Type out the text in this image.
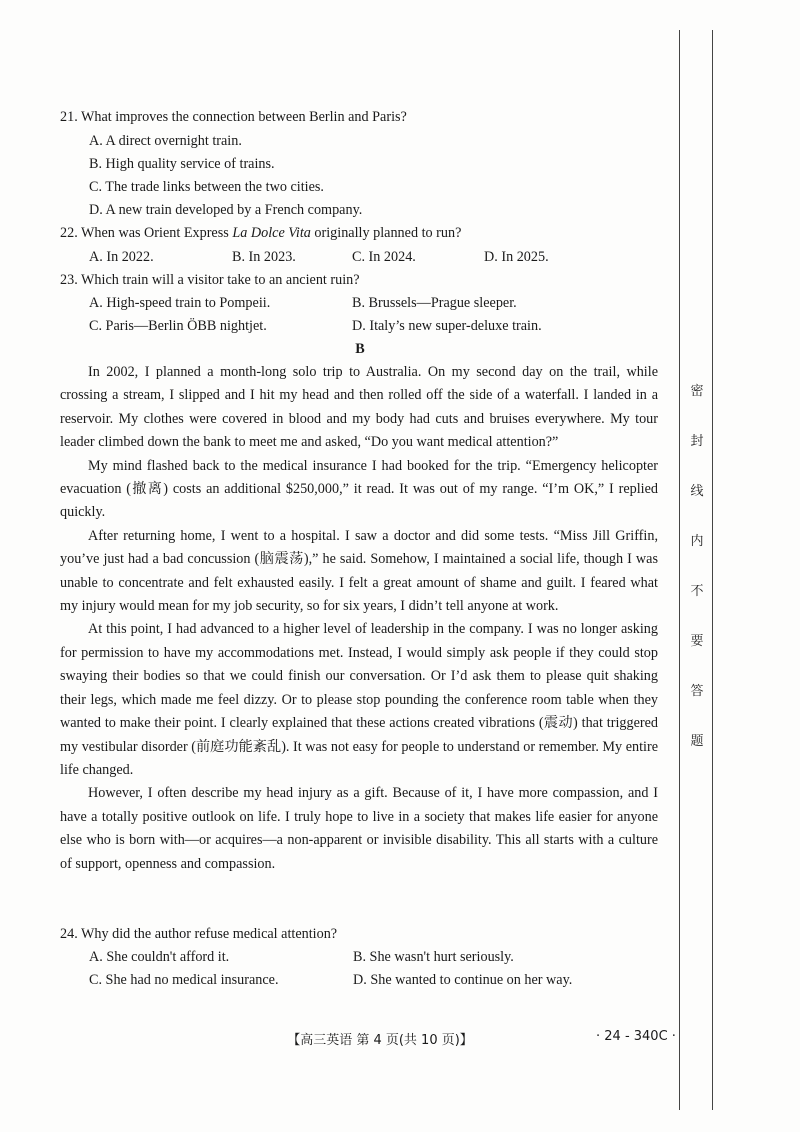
密
封
线
内
不
要
答
题
21. What improves the connection between Berlin and Paris?
A. A direct overnight train.
B. High quality service of trains.
C. The trade links between the two cities.
D. A new train developed by a French company.
22. When was Orient Express La Dolce Vita originally planned to run?
A. In 2022.	B. In 2023.	C. In 2024.	D. In 2025.
23. Which train will a visitor take to an ancient ruin?
A. High-speed train to Pompeii.	B. Brussels—Prague sleeper.
C. Paris—Berlin ÖBB nightjet.	D. Italy’s new super-deluxe train.
B

In 2002, I planned a month-long solo trip to Australia. On my second day on the trail, while crossing a stream, I slipped and I hit my head and then rolled off the side of a waterfall. I landed in a reservoir. My clothes were covered in blood and my body had cuts and bruises everywhere. My tour leader climbed down the bank to meet me and asked, “Do you want medical attention?”

My mind flashed back to the medical insurance I had booked for the trip. “Emergency helicopter evacuation (撤离) costs an additional $250,000,” it read. It was out of my range. “I’m OK,” I replied quickly.

After returning home, I went to a hospital. I saw a doctor and did some tests. “Miss Jill Griffin, you’ve just had a bad concussion (脑震荡),” he said. Somehow, I maintained a social life, though I was unable to concentrate and felt exhausted easily. I felt a great amount of shame and guilt. I feared what my injury would mean for my job security, so for six years, I didn’t tell anyone at work.

At this point, I had advanced to a higher level of leadership in the company. I was no longer asking for permission to have my accommodations met. Instead, I would simply ask people if they could stop swaying their bodies so that we could finish our conversation. Or I’d ask them to please quit shaking their legs, which made me feel dizzy. Or to please stop pounding the conference room table when they wanted to make their point. I clearly explained that these actions created vibrations (震动) that triggered my vestibular disorder (前庭功能紊乱). It was not easy for people to understand or remember. My entire life changed.

However, I often describe my head injury as a gift. Because of it, I have more compassion, and I have a totally positive outlook on life. I truly hope to live in a society that makes life easier for anyone else who is born with—or acquires—a non-apparent or invisible disability. This all starts with a culture of support, openness and compassion.

24. Why did the author refuse medical attention?
A. She couldn't afford it.	B. She wasn't hurt seriously.
C. She had no medical insurance.	D. She wanted to continue on her way.
【高三英语 第 4 页(共 10 页)】	· 24 - 340C ·
